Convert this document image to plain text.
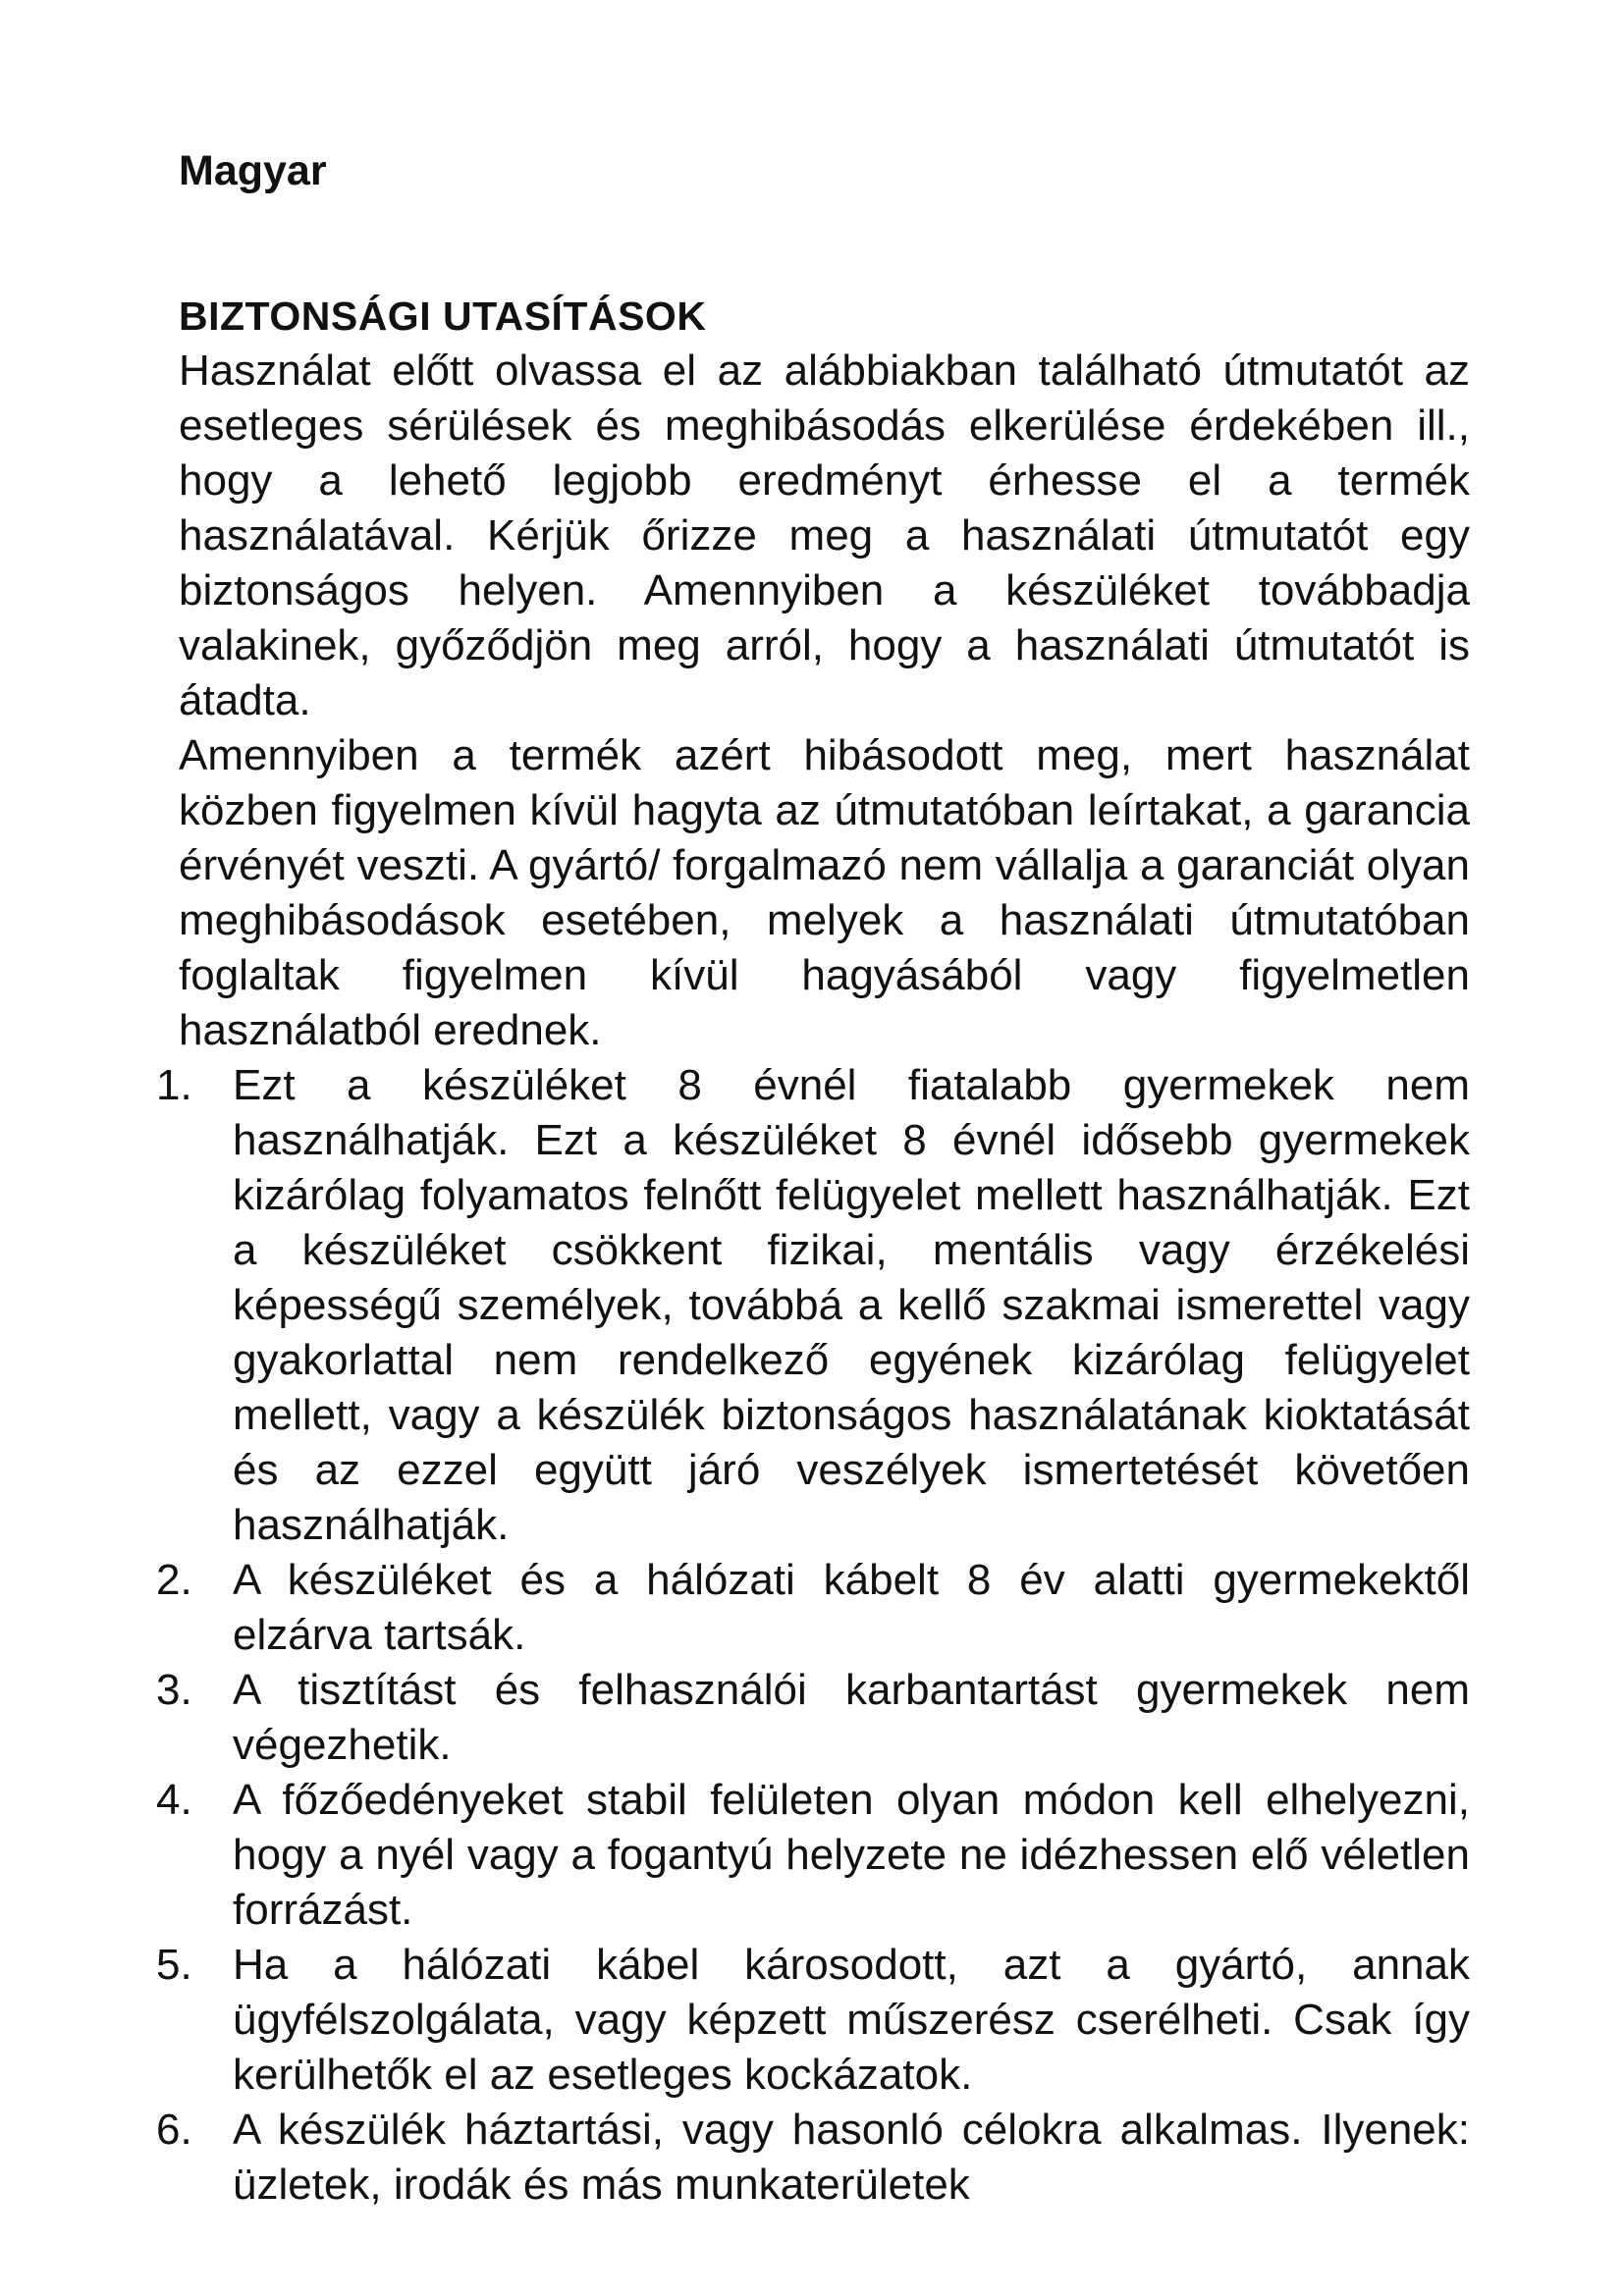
Magyar
BIZTONSÁGI UTASÍTÁSOK

Használat előtt olvassa el az alábbiakban található útmutatót az esetleges sérülések és meghibásodás elkerülése érdekében ill., hogy a lehető legjobb eredményt érhesse el a termék használatával. Kérjük őrizze meg a használati útmutatót egy biztonságos helyen. Amennyiben a készüléket továbbadja valakinek, győződjön meg arról, hogy a használati útmutatót is átadta.

Amennyiben a termék azért hibásodott meg, mert használat közben figyelmen kívül hagyta az útmutatóban leírtakat, a garancia érvényét veszti. A gyártó/ forgalmazó nem vállalja a garanciát olyan meghibásodások esetében, melyek a használati útmutatóban foglaltak figyelmen kívül hagyásából vagy figyelmetlen használatból erednek.

1. Ezt a készüléket 8 évnél fiatalabb gyermekek nem használhatják. Ezt a készüléket 8 évnél idősebb gyermekek kizárólag folyamatos felnőtt felügyelet mellett használhatják. Ezt a készüléket csökkent fizikai, mentális vagy érzékelési képességű személyek, továbbá a kellő szakmai ismerettel vagy gyakorlattal nem rendelkező egyének kizárólag felügyelet mellett, vagy a készülék biztonságos használatának kioktatását és az ezzel együtt járó veszélyek ismertetését követően használhatják.
2. A készüléket és a hálózati kábelt 8 év alatti gyermekektől elzárva tartsák.
3. A tisztítást és felhasználói karbantartást gyermekek nem végezhetik.
4. A főzőedényeket stabil felületen olyan módon kell elhelyezni, hogy a nyél vagy a fogantyú helyzete ne idézhessen elő véletlen forrázást.
5. Ha a hálózati kábel károsodott, azt a gyártó, annak ügyfélszolgálata, vagy képzett műszerész cserélheti. Csak így kerülhetők el az esetleges kockázatok.
6. A készülék háztartási, vagy hasonló célokra alkalmas. Ilyenek: üzletek, irodák és más munkaterületek
